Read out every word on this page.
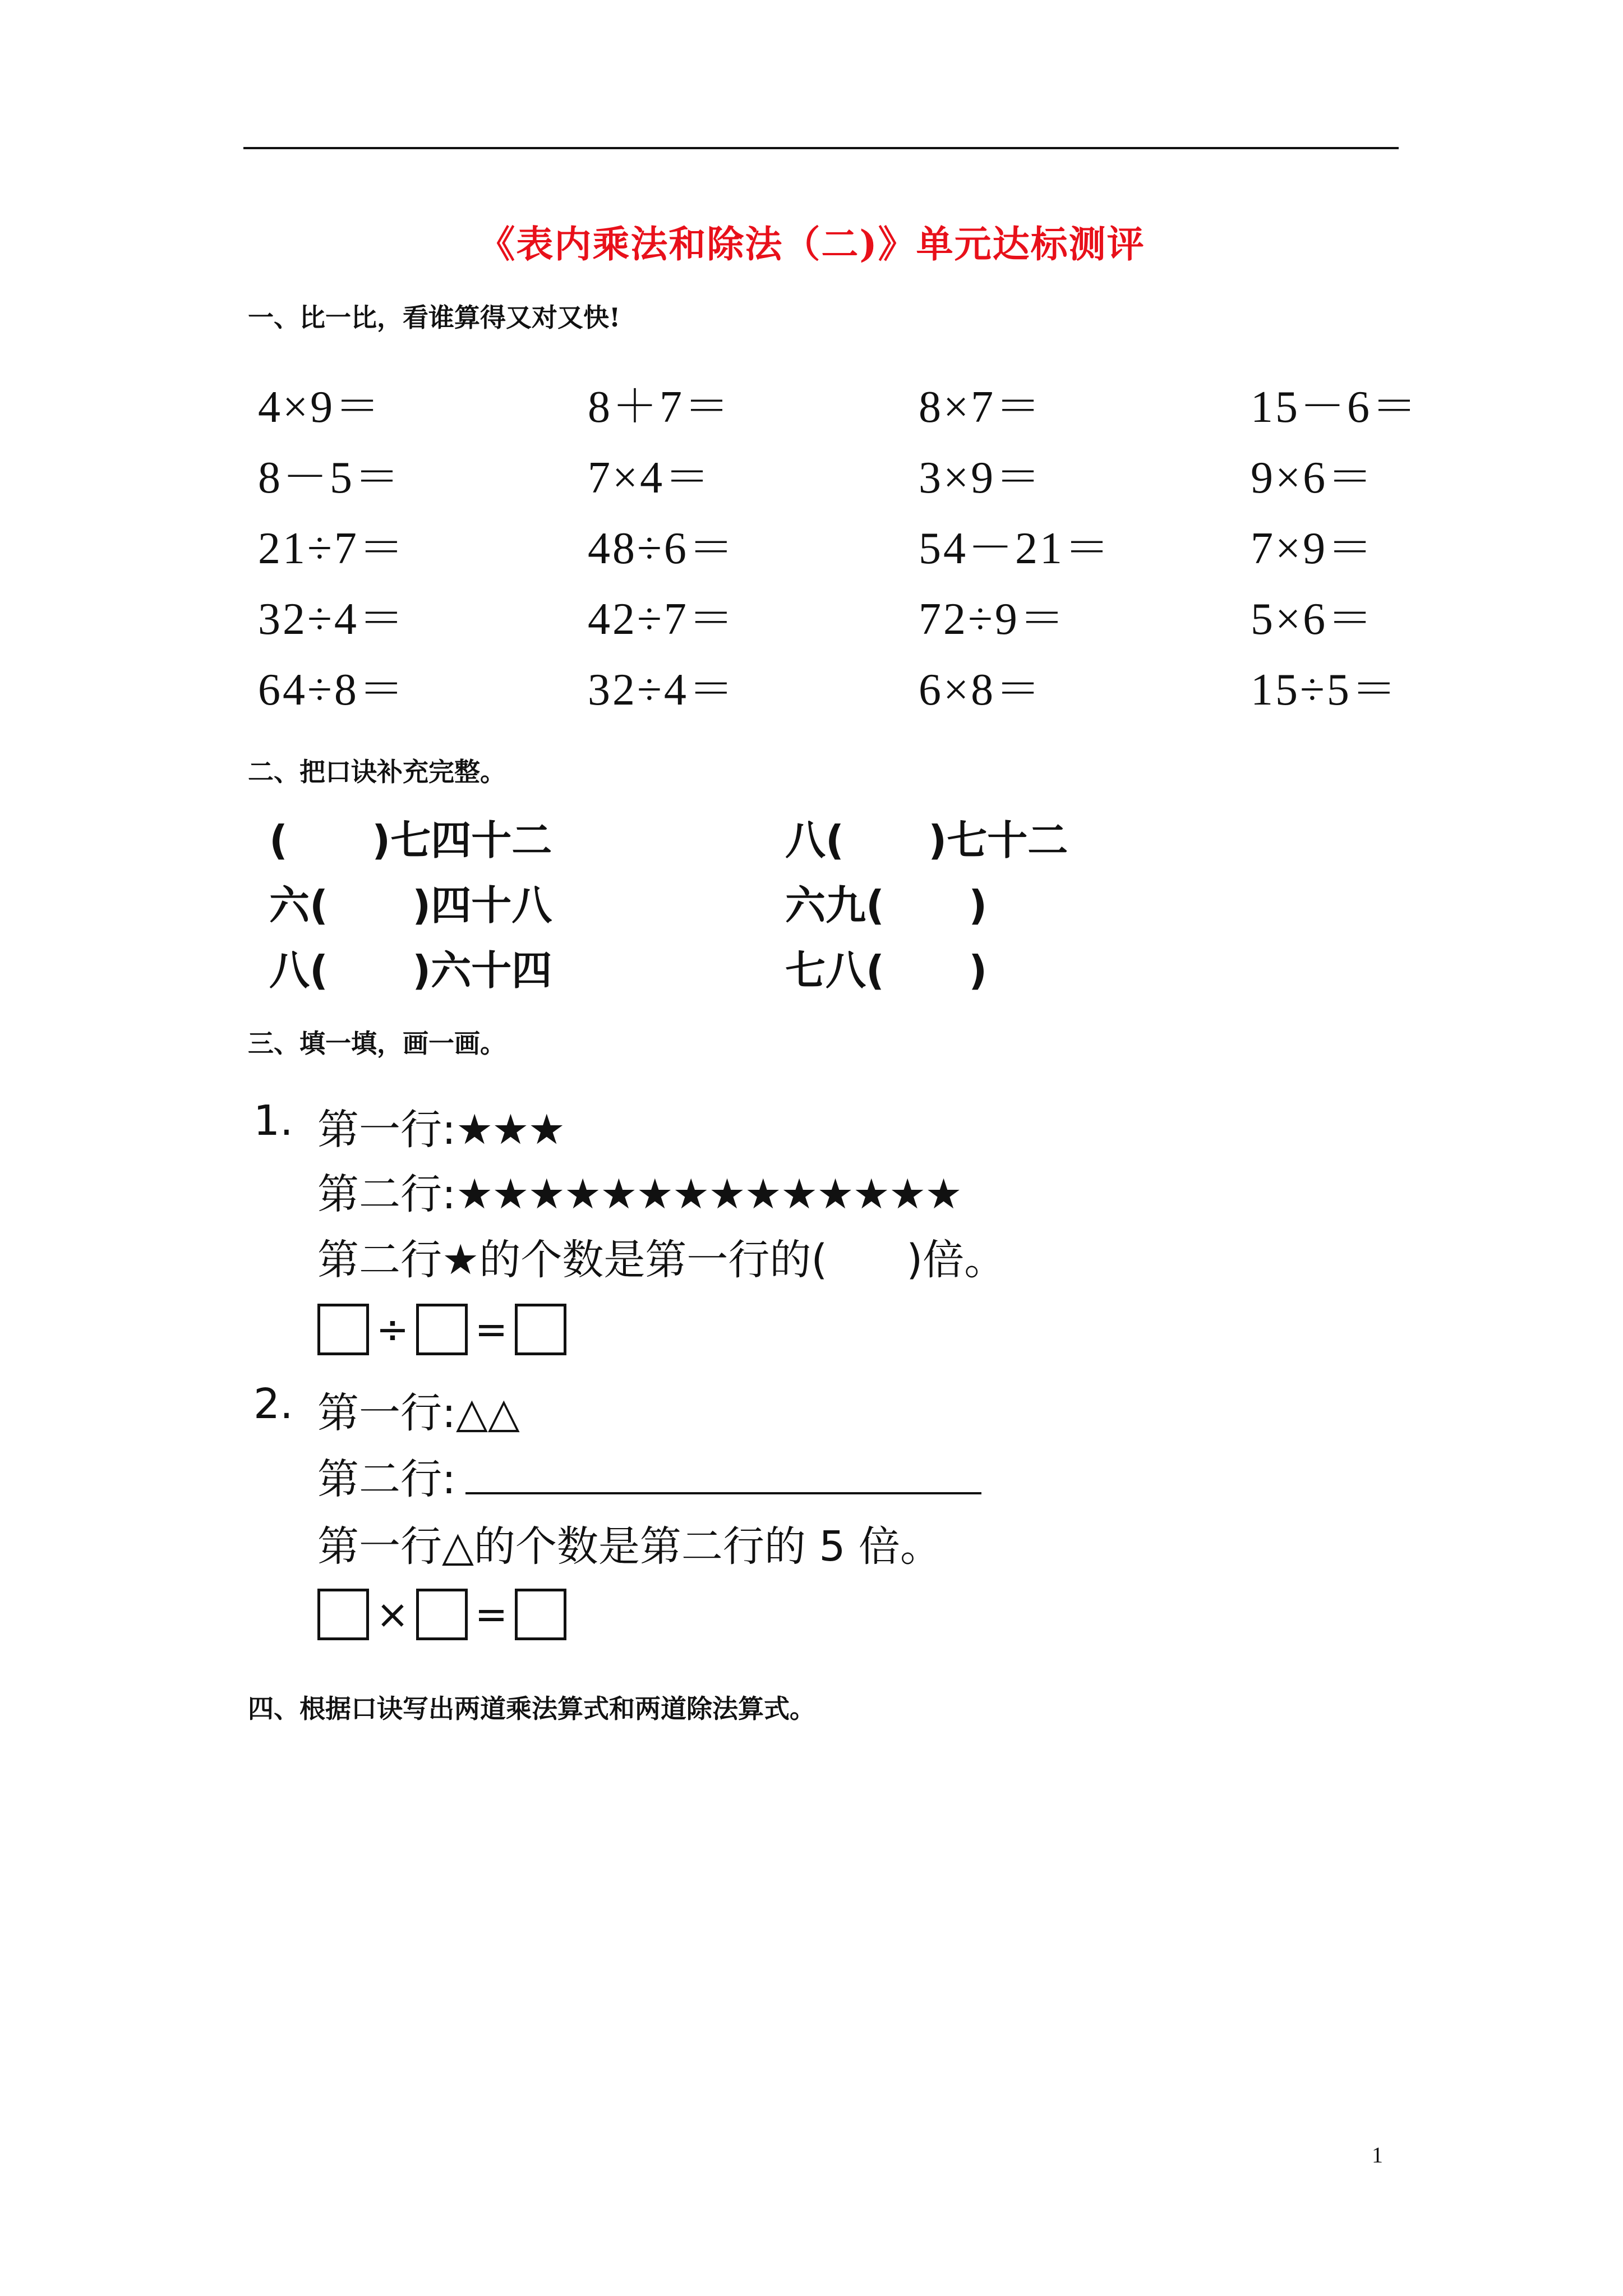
《表内乘法和除法（二)》单元达标测评
一、比一比，看谁算得又对又快!
4×9＝	8＋7＝	8×7＝	15－6＝
8－5＝	7×4＝	3×9＝	9×6＝
21÷7＝	48÷6＝	54－21＝	7×9＝
32÷4＝	42÷7＝	72÷9＝	5×6＝
64÷8＝	32÷4＝	6×8＝	15÷5＝
二、把口诀补充完整。
(      )七四十二	八(      )七十二
六(      )四十八	六九(      )
八(      )六十四	七八(      )
三、填一填，画一画。
1. 第一行:★★★
第二行:★★★★★★★★★★★★★★
第二行★的个数是第一行的(      )倍。
÷ =
2. 第一行:△△
第二行:
第一行△的个数是第二行的 5 倍。
× =
四、根据口诀写出两道乘法算式和两道除法算式。
1
